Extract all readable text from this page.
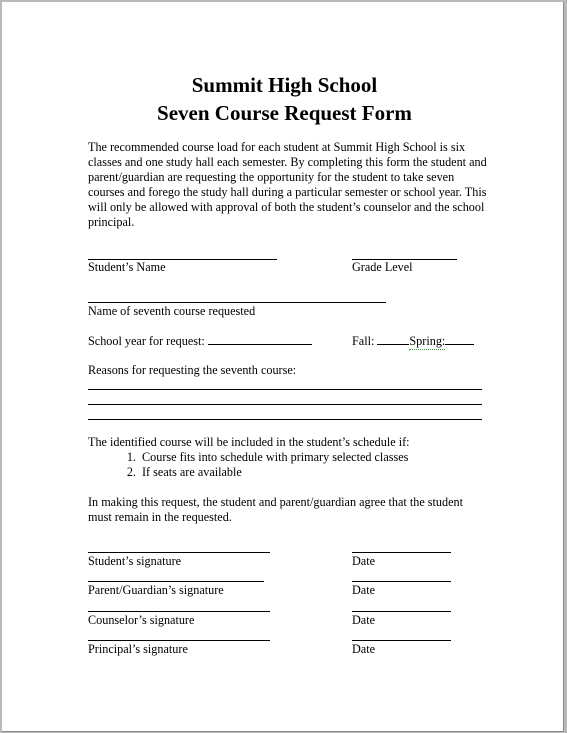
Summit High School
Seven Course Request Form
The recommended course load for each student at Summit High School is six classes and one study hall each semester. By completing this form the student and parent/guardian are requesting the opportunity for the student to take seven courses and forego the study hall during a particular semester or school year. This will only be allowed with approval of both the student’s counselor and the school principal.
Student’s Name	Grade Level
Name of seventh course requested
School year for request:	Fall:	Spring:
Reasons for requesting the seventh course:
The identified course will be included in the student’s schedule if:
1. Course fits into schedule with primary selected classes
2. If seats are available
In making this request, the student and parent/guardian agree that the student must remain in the requested.
Student’s signature	Date
Parent/Guardian’s signature	Date
Counselor’s signature	Date
Principal’s signature	Date
